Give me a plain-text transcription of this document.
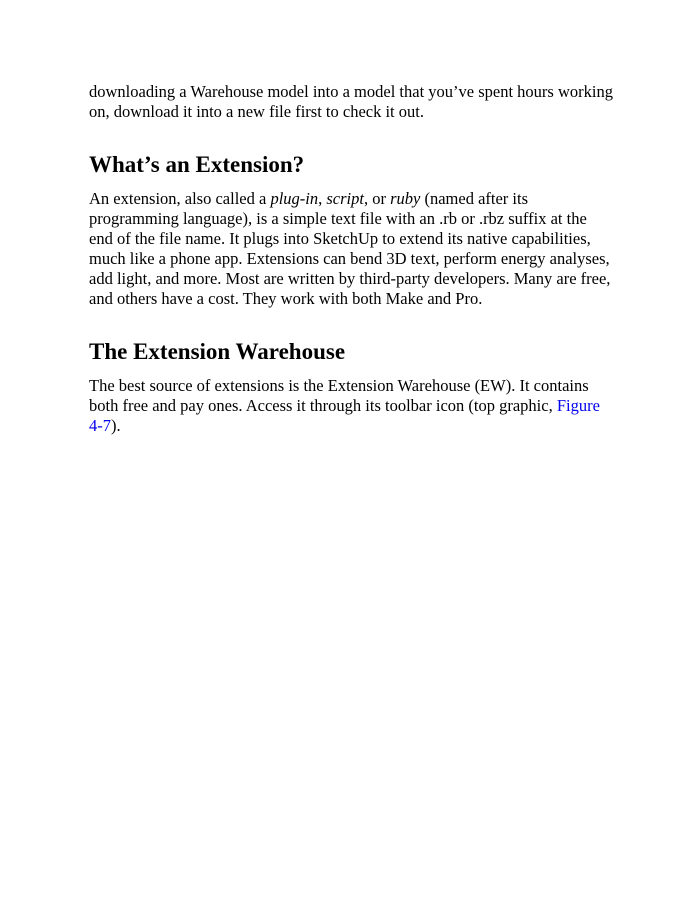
downloading a Warehouse model into a model that you’ve spent hours working on, download it into a new file first to check it out.

What’s an Extension?

An extension, also called a plug-in, script, or ruby (named after its programming language), is a simple text file with an .rb or .rbz suffix at the end of the file name. It plugs into SketchUp to extend its native capabilities, much like a phone app. Extensions can bend 3D text, perform energy analyses, add light, and more. Most are written by third-party developers. Many are free, and others have a cost. They work with both Make and Pro.

The Extension Warehouse

The best source of extensions is the Extension Warehouse (EW). It contains both free and pay ones. Access it through its toolbar icon (top graphic, Figure 4-7).
